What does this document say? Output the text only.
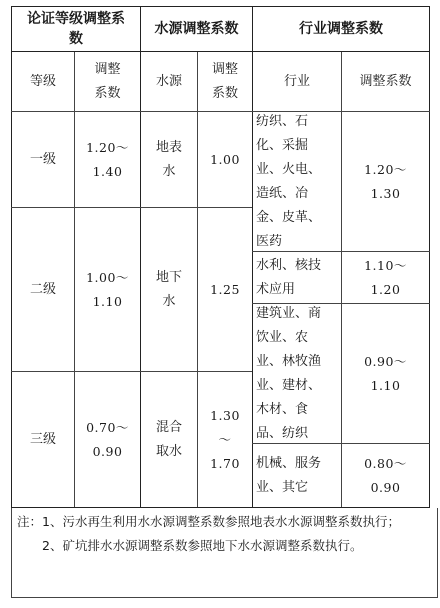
论证等级调整系数
水源调整系数	行业调整系数
等级
调整系数
水源
调整系数
行业	调整系数
一级
1.20～1.40
二级
1.00～1.10
三级
0.70～0.90
地表水
1.00
地下水
1.25
混合取水
1.30～1.70
纺织、石化、采掘业、火电、造纸、冶金、皮革、医药
1.20～1.30
水利、核技术应用
1.10～1.20
建筑业、商饮业、农业、林牧渔业、建材、木材、食品、纺织
0.90～1.10
机械、服务业、其它
0.80～0.90

注：1、污水再生利用水水源调整系数参照地表水水源调整系数执行；

2、矿坑排水水源调整系数参照地下水水源调整系数执行。
